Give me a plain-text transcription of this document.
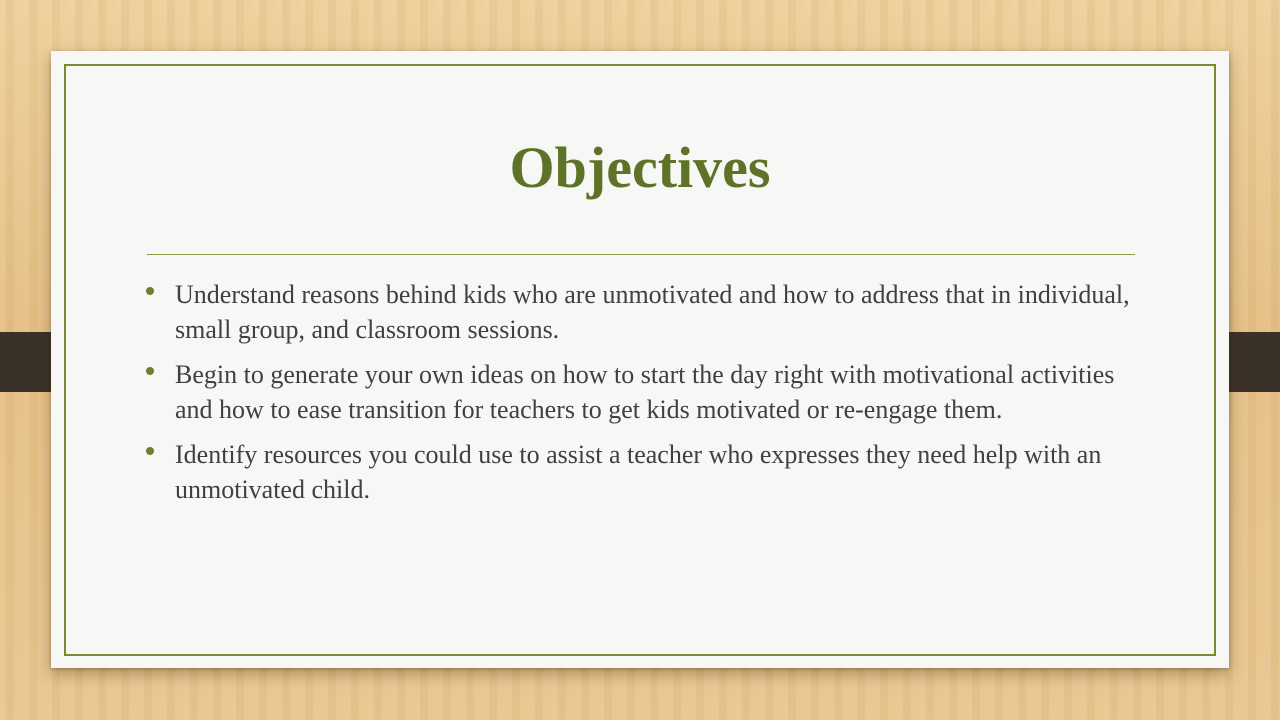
Objectives
Understand reasons behind kids who are unmotivated and how to address that in individual, small group, and classroom sessions.
Begin to generate your own ideas on how to start the day right with motivational activities and how to ease transition for teachers to get kids motivated or re-engage them.
Identify resources you could use to assist a teacher who expresses they need help with an unmotivated child.
